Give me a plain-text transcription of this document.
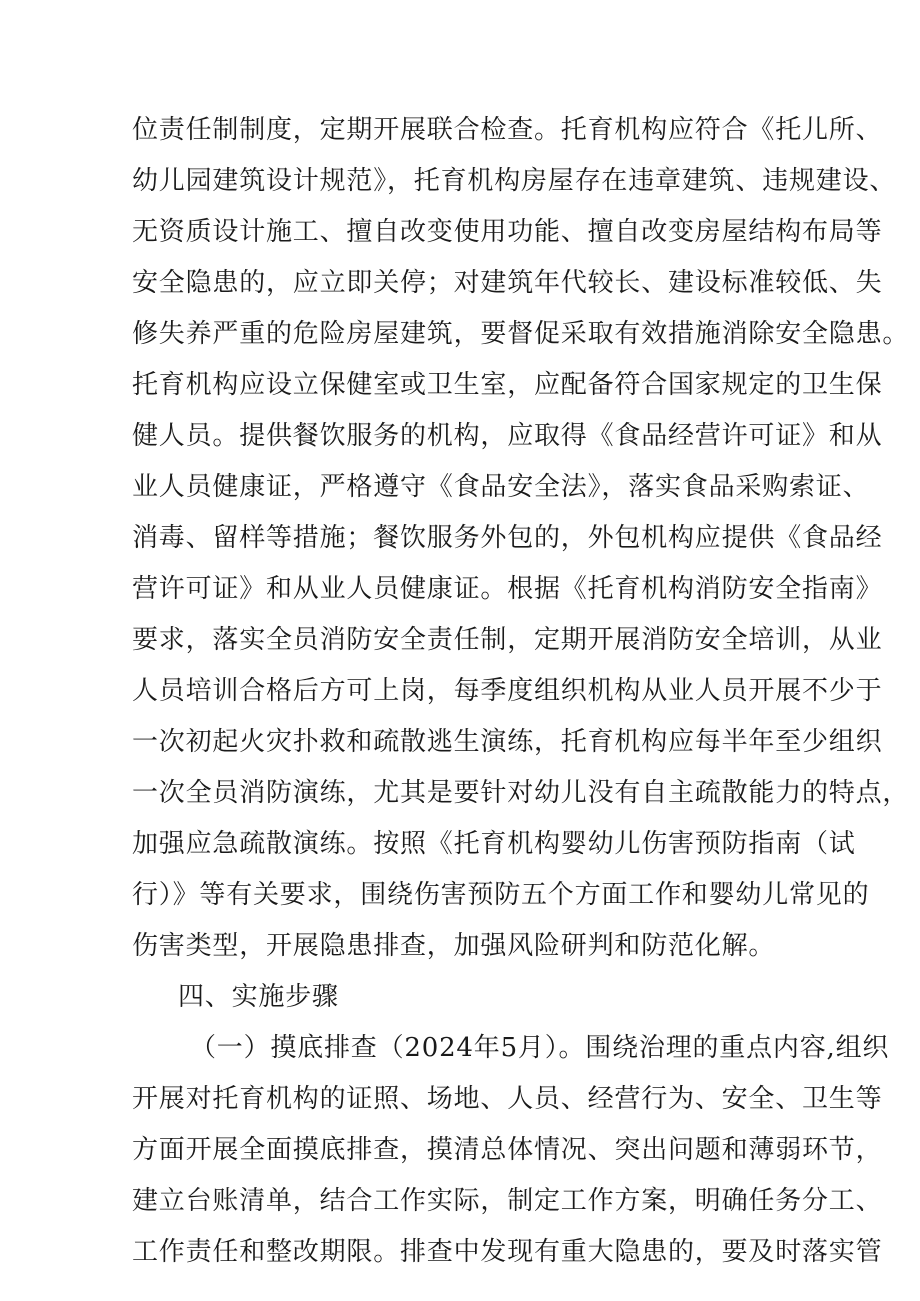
位责任制制度，定期开展联合检查。托育机构应符合《托儿所、
幼儿园建筑设计规范》，托育机构房屋存在违章建筑、违规建设、
无资质设计施工、擅自改变使用功能、擅自改变房屋结构布局等
安全隐患的，应立即关停；对建筑年代较长、建设标准较低、失
修失养严重的危险房屋建筑，要督促采取有效措施消除安全隐患。
托育机构应设立保健室或卫生室，应配备符合国家规定的卫生保
健人员。提供餐饮服务的机构，应取得《食品经营许可证》和从
业人员健康证，严格遵守《食品安全法》，落实食品采购索证、
消毒、留样等措施；餐饮服务外包的，外包机构应提供《食品经
营许可证》和从业人员健康证。根据《托育机构消防安全指南》
要求，落实全员消防安全责任制，定期开展消防安全培训，从业
人员培训合格后方可上岗，每季度组织机构从业人员开展不少于
一次初起火灾扑救和疏散逃生演练，托育机构应每半年至少组织
一次全员消防演练，尤其是要针对幼儿没有自主疏散能力的特点，
加强应急疏散演练。按照《托育机构婴幼儿伤害预防指南（试
行）》等有关要求，围绕伤害预防五个方面工作和婴幼儿常见的
伤害类型，开展隐患排查，加强风险研判和防范化解。
四、实施步骤
（一）摸底排查（2024年5月）。围绕治理的重点内容,组织
开展对托育机构的证照、场地、人员、经营行为、安全、卫生等
方面开展全面摸底排查，摸清总体情况、突出问题和薄弱环节，
建立台账清单，结合工作实际，制定工作方案，明确任务分工、
工作责任和整改期限。排查中发现有重大隐患的，要及时落实管
